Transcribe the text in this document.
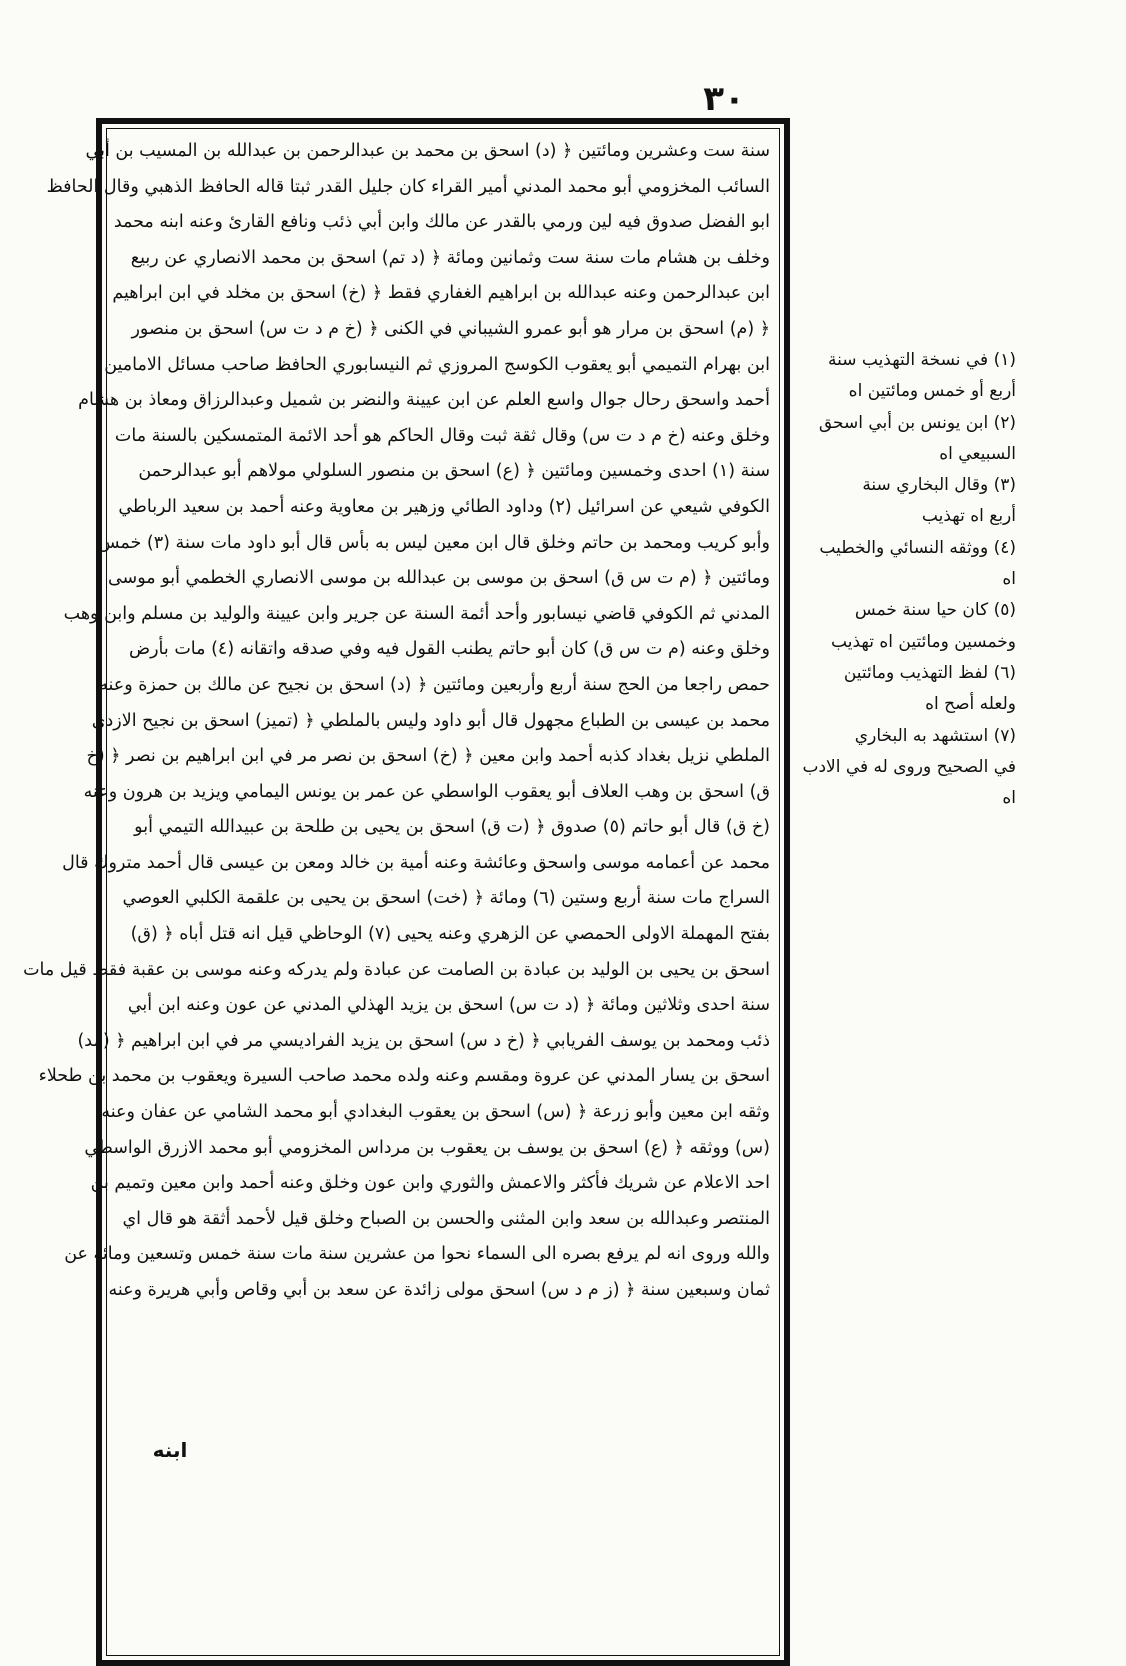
٣٠
سنة ست وعشرين ومائتين ﴿ (د) اسحق بن محمد بن عبدالرحمن بن عبدالله بن المسيب بن أبي
السائب المخزومي أبو محمد المدني أمير القراء كان جليل القدر ثبتا قاله الحافظ الذهبي وقال الحافظ
ابو الفضل صدوق فيه لين ورمي بالقدر عن مالك وابن أبي ذئب ونافع القارئ وعنه ابنه محمد
وخلف بن هشام مات سنة ست وثمانين ومائة ﴿ (د تم) اسحق بن محمد الانصاري عن ربيع
ابن عبدالرحمن وعنه عبدالله بن ابراهيم الغفاري فقط ﴿ (خ) اسحق بن مخلد في ابن ابراهيم
﴿ (م) اسحق بن مرار هو أبو عمرو الشيباني في الكنى ﴿ (خ م د ت س) اسحق بن منصور
ابن بهرام التميمي أبو يعقوب الكوسج المروزي ثم النيسابوري الحافظ صاحب مسائل الامامين
أحمد واسحق رحال جوال واسع العلم عن ابن عيينة والنضر بن شميل وعبدالرزاق ومعاذ بن هشام
وخلق وعنه (خ م د ت س) وقال ثقة ثبت وقال الحاكم هو أحد الائمة المتمسكين بالسنة مات
سنة (١) احدى وخمسين ومائتين ﴿ (ع) اسحق بن منصور السلولي مولاهم أبو عبدالرحمن
الكوفي شيعي عن اسرائيل (٢) وداود الطائي وزهير بن معاوية وعنه أحمد بن سعيد الرباطي
وأبو كريب ومحمد بن حاتم وخلق قال ابن معين ليس به بأس قال أبو داود مات سنة (٣) خمس
ومائتين ﴿ (م ت س ق) اسحق بن موسى بن عبدالله بن موسى الانصاري الخطمي أبو موسى
المدني ثم الكوفي قاضي نيسابور وأحد أئمة السنة عن جرير وابن عيينة والوليد بن مسلم وابن وهب
وخلق وعنه (م ت س ق) كان أبو حاتم يطنب القول فيه وفي صدقه واتقانه (٤) مات بأرض
حمص راجعا من الحج سنة أربع وأربعين ومائتين ﴿ (د) اسحق بن نجيح عن مالك بن حمزة وعنه
محمد بن عيسى بن الطباع مجهول قال أبو داود وليس بالملطي ﴿ (تميز) اسحق بن نجيح الازدي
الملطي نزيل بغداد كذبه أحمد وابن معين ﴿ (خ) اسحق بن نصر مر في ابن ابراهيم بن نصر ﴿ (خ
ق) اسحق بن وهب العلاف أبو يعقوب الواسطي عن عمر بن يونس اليمامي ويزيد بن هرون وعنه
(خ ق) قال أبو حاتم (٥) صدوق ﴿ (ت ق) اسحق بن يحيى بن طلحة بن عبيدالله التيمي أبو
محمد عن أعمامه موسى واسحق وعائشة وعنه أمية بن خالد ومعن بن عيسى قال أحمد متروك قال
السراج مات سنة أربع وستين (٦) ومائة ﴿ (خت) اسحق بن يحيى بن علقمة الكلبي العوصي
بفتح المهملة الاولى الحمصي عن الزهري وعنه يحيى (٧) الوحاظي قيل انه قتل أباه ﴿ (ق)
اسحق بن يحيى بن الوليد بن عبادة بن الصامت عن عبادة ولم يدركه وعنه موسى بن عقبة فقط قيل مات
سنة احدى وثلاثين ومائة ﴿ (د ت س) اسحق بن يزيد الهذلي المدني عن عون وعنه ابن أبي
ذئب ومحمد بن يوسف الفريابي ﴿ (خ د س) اسحق بن يزيد الفراديسي مر في ابن ابراهيم ﴿ (مد)
اسحق بن يسار المدني عن عروة ومقسم وعنه ولده محمد صاحب السيرة ويعقوب بن محمد بن طحلاء
وثقه ابن معين وأبو زرعة ﴿ (س) اسحق بن يعقوب البغدادي أبو محمد الشامي عن عفان وعنه
(س) ووثقه ﴿ (ع) اسحق بن يوسف بن يعقوب بن مرداس المخزومي أبو محمد الازرق الواسطي
احد الاعلام عن شريك فأكثر والاعمش والثوري وابن عون وخلق وعنه أحمد وابن معين وتميم بن
المنتصر وعبدالله بن سعد وابن المثنى والحسن بن الصباح وخلق قيل لأحمد أثقة هو قال اي
والله وروى انه لم يرفع بصره الى السماء نحوا من عشرين سنة مات سنة خمس وتسعين ومائة عن
ثمان وسبعين سنة ﴿ (ز م د س) اسحق مولى زائدة عن سعد بن أبي وقاص وأبي هريرة وعنه
(١) في نسخة التهذيب سنة
أربع أو خمس ومائتين اه
(٢) ابن يونس بن أبي اسحق
السبيعي اه
(٣) وقال البخاري سنة
أربع اه تهذيب
(٤) ووثقه النسائي والخطيب
اه
(٥) كان حيا سنة خمس
وخمسين ومائتين اه تهذيب
(٦) لفظ التهذيب ومائتين
ولعله أصح اه
(٧) استشهد به البخاري
في الصحيح وروى له في الادب
اه
ابنه
